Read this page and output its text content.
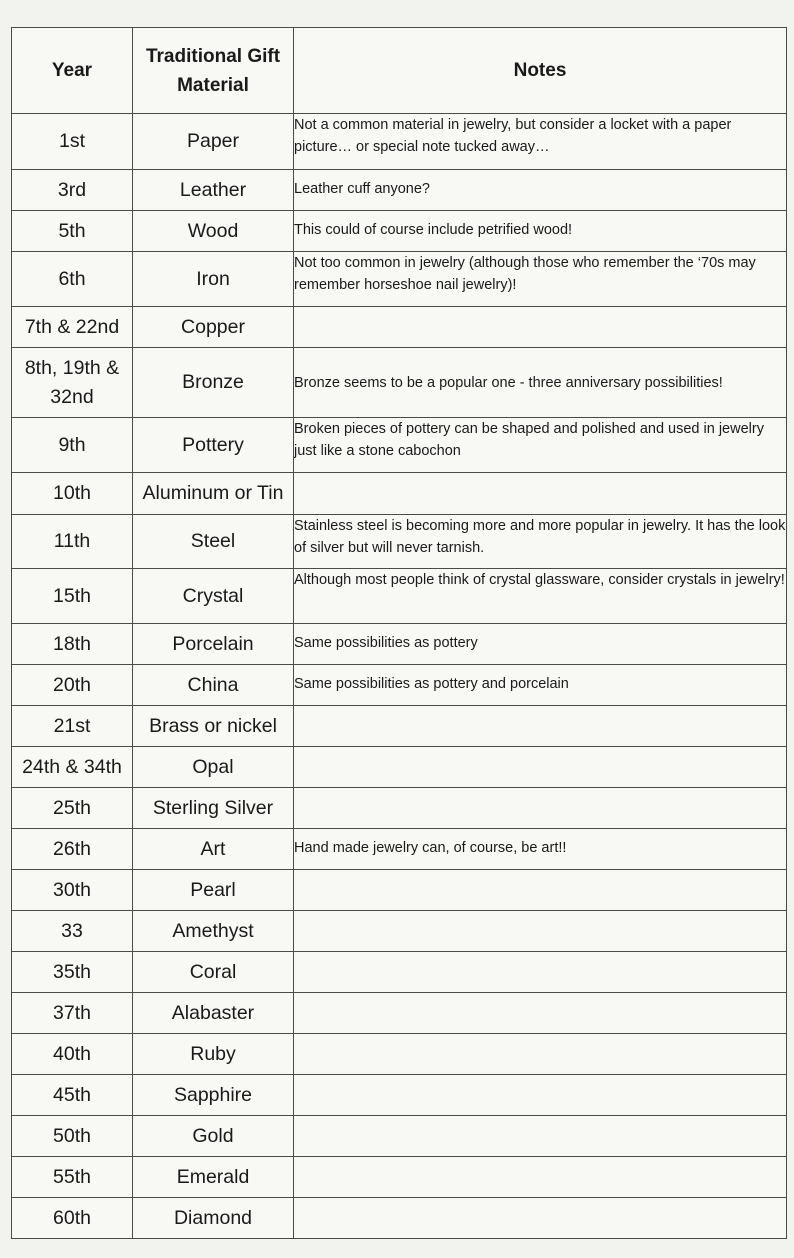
Year	Traditional Gift Material	Notes
1st	Paper	Not a common material in jewelry, but consider a locket with a paper picture… or special note tucked away…
3rd	Leather	Leather cuff anyone?
5th	Wood	This could of course include petrified wood!
6th	Iron	Not too common in jewelry (although those who remember the ‘70s may remember horseshoe nail jewelry)!
7th & 22nd	Copper	
8th, 19th & 32nd	Bronze	Bronze seems to be a popular one - three anniversary possibilities!
9th	Pottery	Broken pieces of pottery can be shaped and polished and used in jewelry just like a stone cabochon
10th	Aluminum or Tin	
11th	Steel	Stainless steel is becoming more and more popular in jewelry. It has the look of silver but will never tarnish.
15th	Crystal	Although most people think of crystal glassware, consider crystals in jewelry!
18th	Porcelain	Same possibilities as pottery
20th	China	Same possibilities as pottery and porcelain
21st	Brass or nickel	
24th & 34th	Opal	
25th	Sterling Silver	
26th	Art	Hand made jewelry can, of course, be art!!
30th	Pearl	
33	Amethyst	
35th	Coral	
37th	Alabaster	
40th	Ruby	
45th	Sapphire	
50th	Gold	
55th	Emerald	
60th	Diamond	
